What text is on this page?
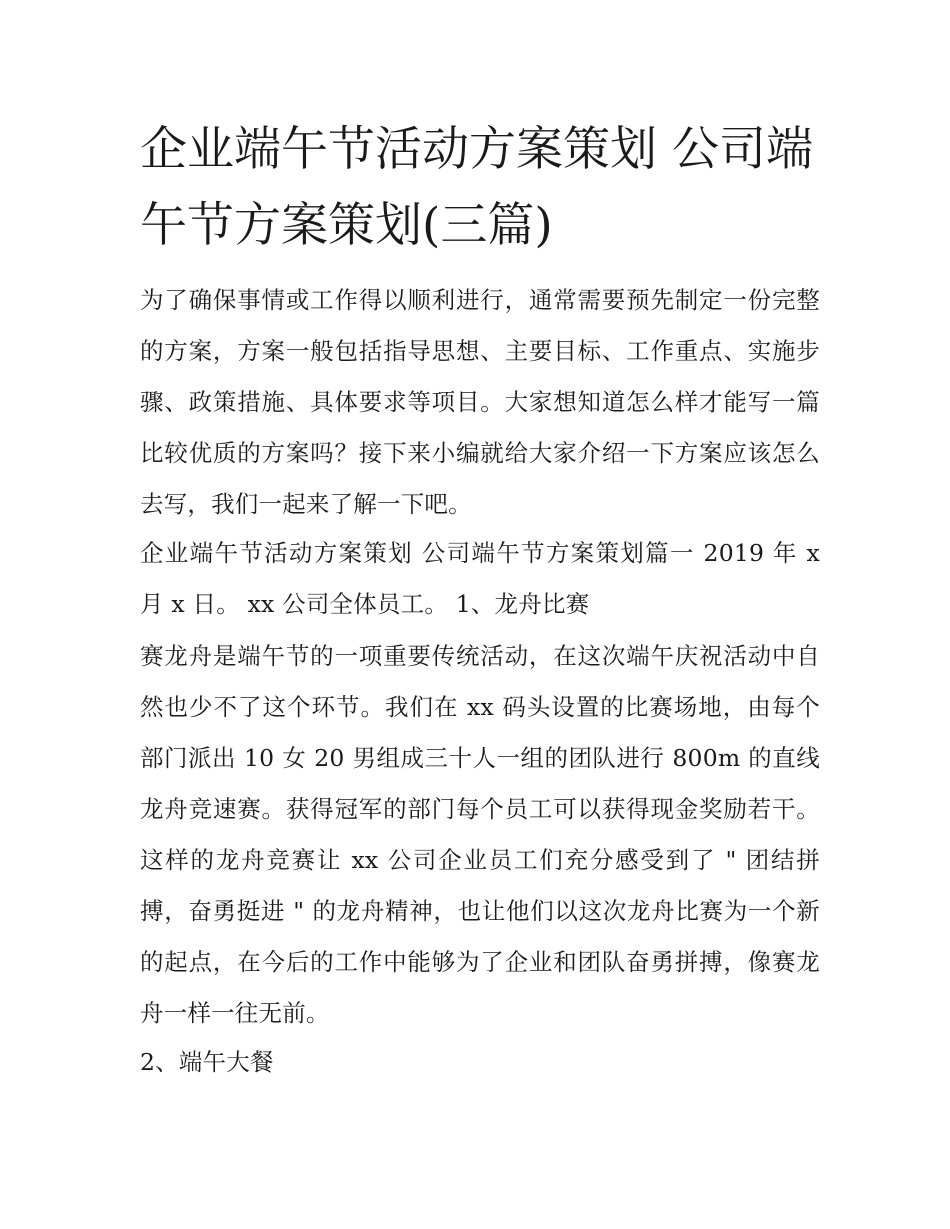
企业端午节活动方案策划 公司端午节方案策划(三篇)

为了确保事情或工作得以顺利进行，通常需要预先制定一份完整的方案，方案一般包括指导思想、主要目标、工作重点、实施步骤、政策措施、具体要求等项目。大家想知道怎么样才能写一篇比较优质的方案吗？接下来小编就给大家介绍一下方案应该怎么去写，我们一起来了解一下吧。

企业端午节活动方案策划 公司端午节方案策划篇一 2019 年 x 月 x 日。 xx 公司全体员工。 1、龙舟比赛

赛龙舟是端午节的一项重要传统活动，在这次端午庆祝活动中自然也少不了这个环节。我们在 xx 码头设置的比赛场地，由每个部门派出 10 女 20 男组成三十人一组的团队进行 800m 的直线龙舟竞速赛。获得冠军的部门每个员工可以获得现金奖励若干。这样的龙舟竞赛让 xx 公司企业员工们充分感受到了 " 团结拼搏，奋勇挺进 " 的龙舟精神，也让他们以这次龙舟比赛为一个新的起点，在今后的工作中能够为了企业和团队奋勇拼搏，像赛龙舟一样一往无前。

2、端午大餐
